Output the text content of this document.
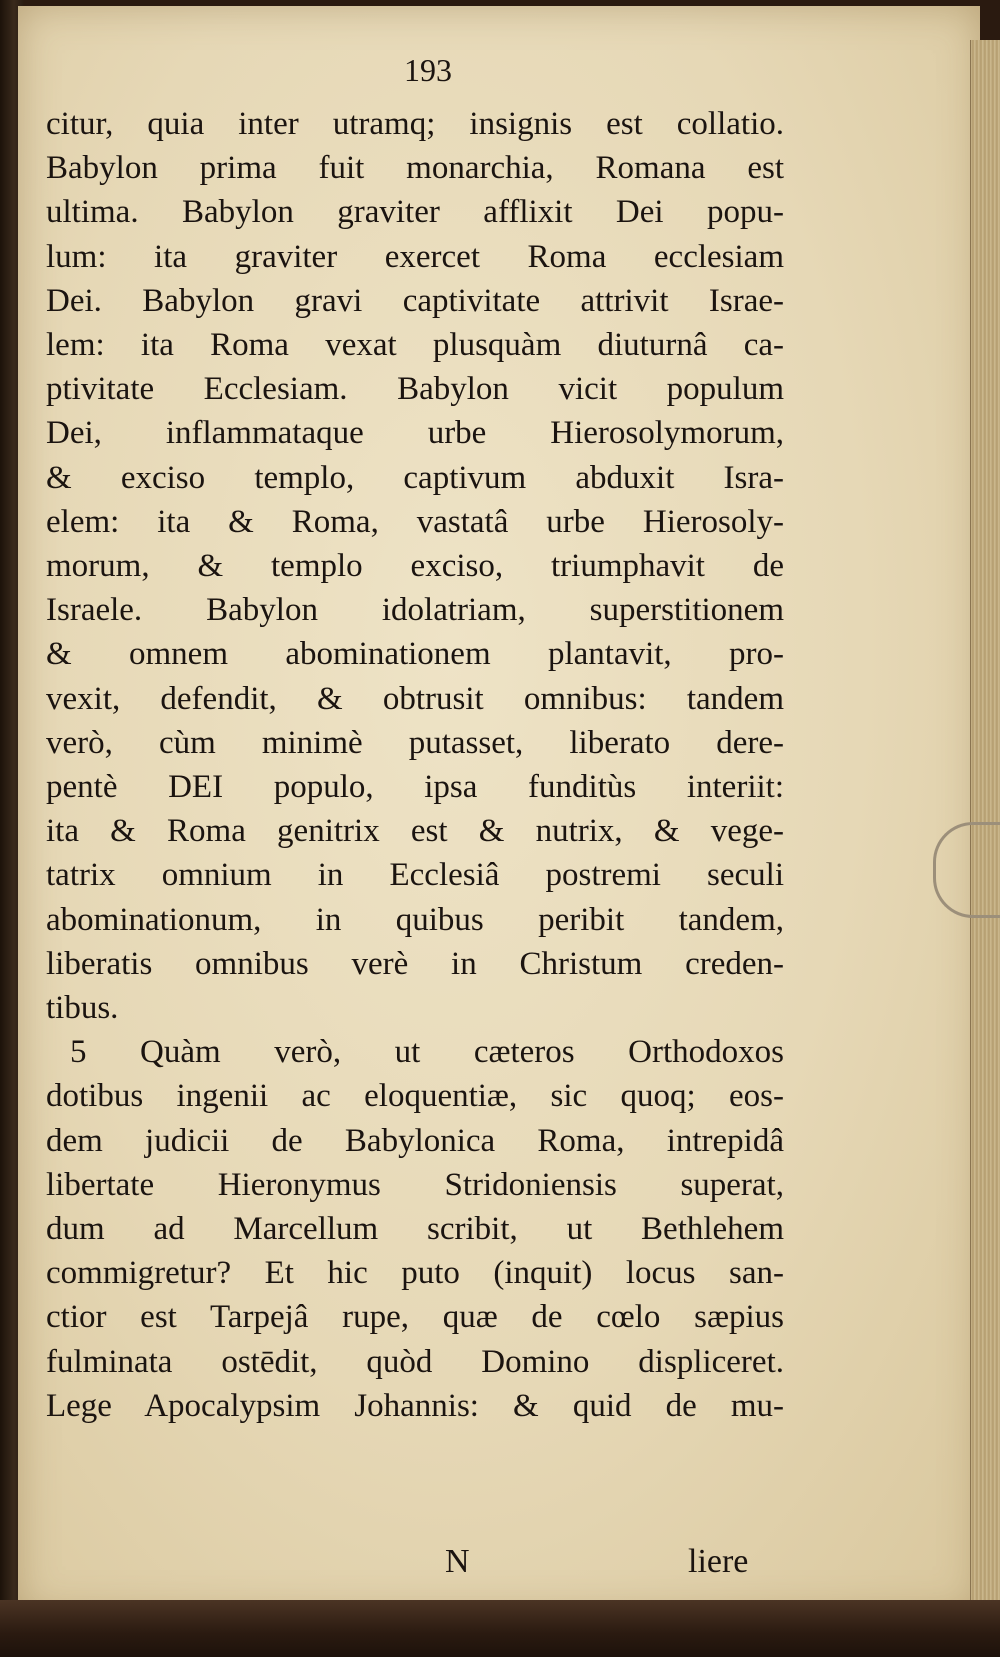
193
citur, quia inter utramq; insignis est collatio.
Babylon prima fuit monarchia, Romana est
ultima. Babylon graviter afflixit Dei popu-
lum: ita graviter exercet Roma ecclesiam
Dei. Babylon gravi captivitate attrivit Israe-
lem: ita Roma vexat plusquàm diuturnâ ca-
ptivitate Ecclesiam. Babylon vicit populum
Dei, inflammataque urbe Hierosolymorum,
& exciso templo, captivum abduxit Isra-
elem: ita & Roma, vastatâ urbe Hierosoly-
morum, & templo exciso, triumphavit de
Israele. Babylon idolatriam, superstitionem
& omnem abominationem plantavit, pro-
vexit, defendit, & obtrusit omnibus: tandem
verò, cùm minimè putasset, liberato dere-
pentè DEI populo, ipsa funditùs interiit:
ita & Roma genitrix est & nutrix, & vege-
tatrix omnium in Ecclesiâ postremi seculi
abominationum, in quibus peribit tandem,
liberatis omnibus verè in Christum creden-
tibus.
5 Quàm verò, ut cæteros Orthodoxos
dotibus ingenii ac eloquentiæ, sic quoq; eos-
dem judicii de Babylonica Roma, intrepidâ
libertate Hieronymus Stridoniensis superat,
dum ad Marcellum scribit, ut Bethlehem
commigretur? Et hic puto (inquit) locus san-
ctior est Tarpejâ rupe, quæ de cœlo sæpius
fulminata ostēdit, quòd Domino displiceret.
Lege Apocalypsim Johannis: & quid de mu-
N	liere
